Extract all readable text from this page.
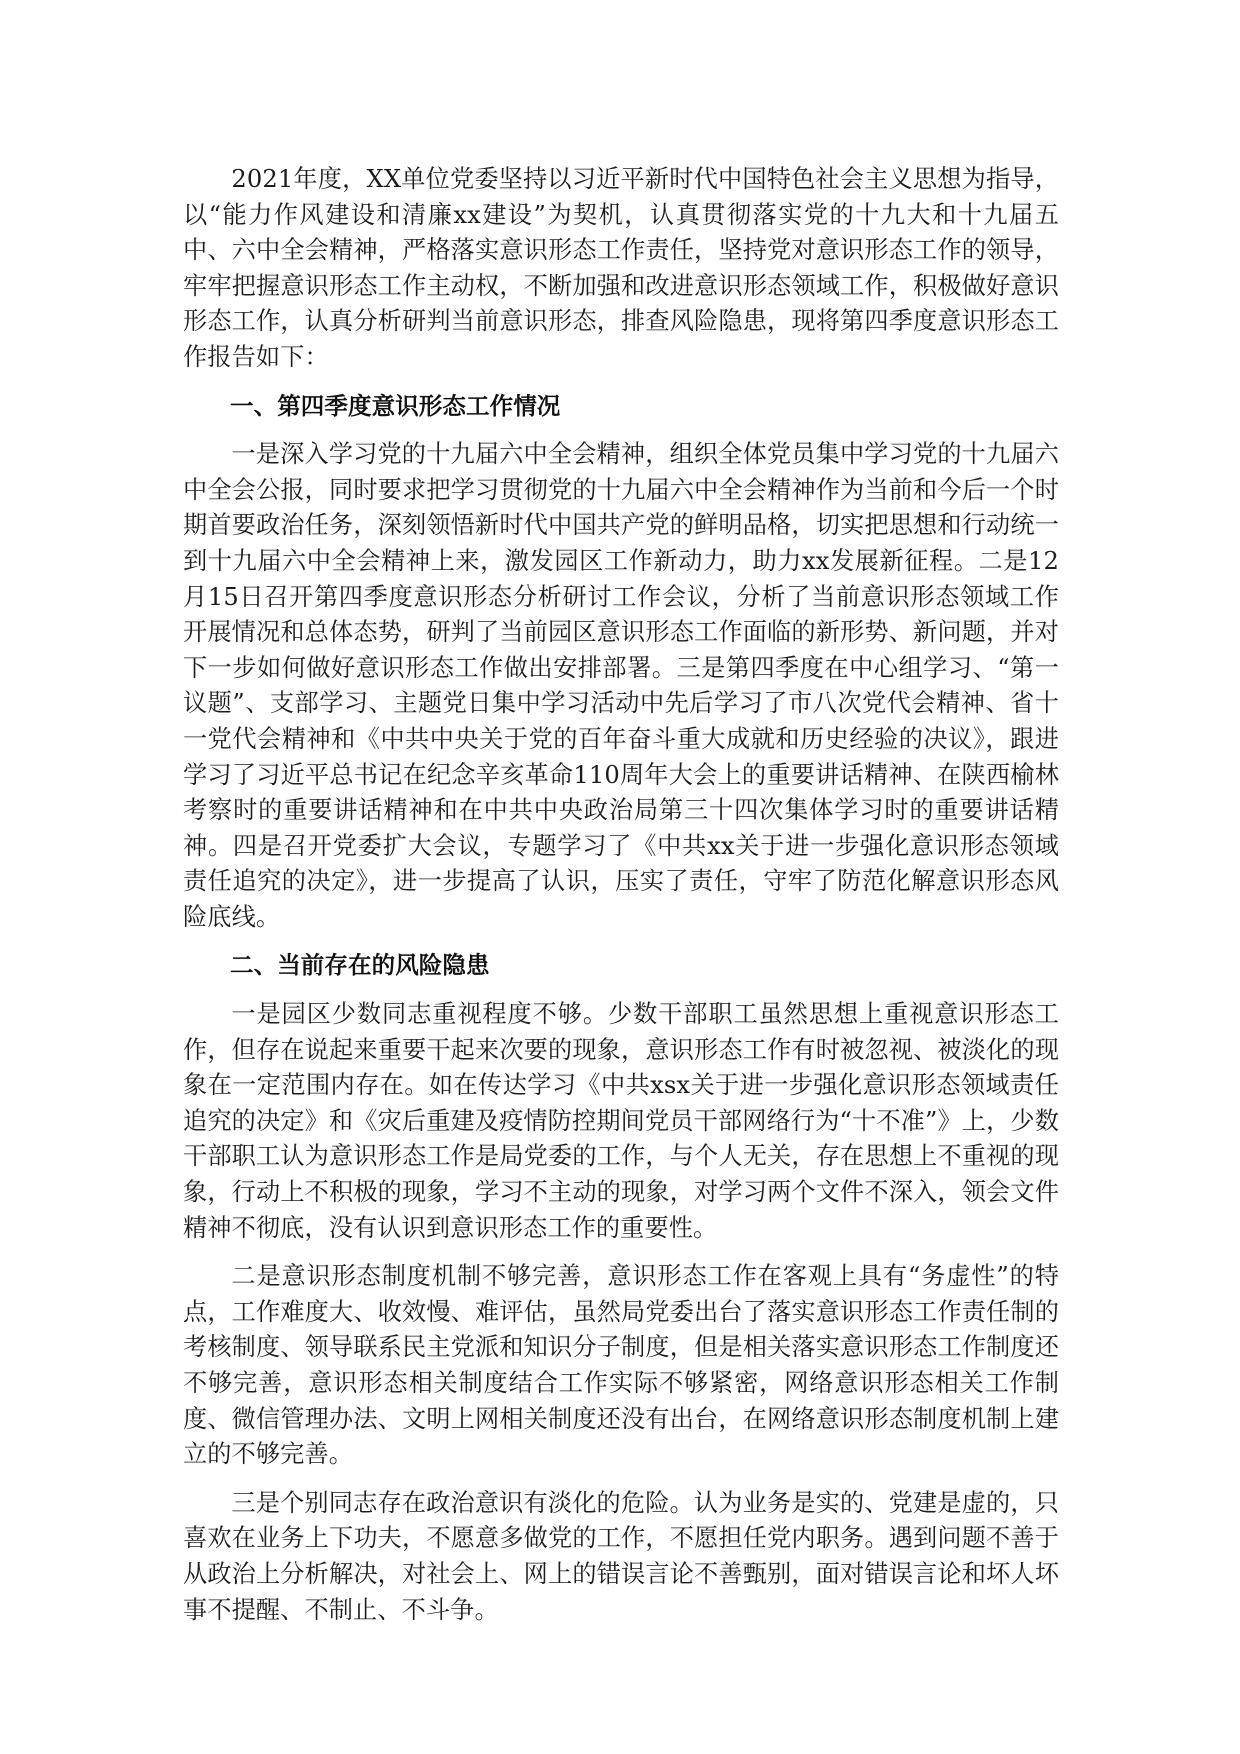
2021年度，XX单位党委坚持以习近平新时代中国特色社会主义思想为指导，以“能力作风建设和清廉xx建设”为契机，认真贯彻落实党的十九大和十九届五中、六中全会精神，严格落实意识形态工作责任，坚持党对意识形态工作的领导，牢牢把握意识形态工作主动权，不断加强和改进意识形态领域工作，积极做好意识形态工作，认真分析研判当前意识形态，排查风险隐患，现将第四季度意识形态工作报告如下：

一、第四季度意识形态工作情况

一是深入学习党的十九届六中全会精神，组织全体党员集中学习党的十九届六中全会公报，同时要求把学习贯彻党的十九届六中全会精神作为当前和今后一个时期首要政治任务，深刻领悟新时代中国共产党的鲜明品格，切实把思想和行动统一到十九届六中全会精神上来，激发园区工作新动力，助力xx发展新征程。二是12月15日召开第四季度意识形态分析研讨工作会议，分析了当前意识形态领域工作开展情况和总体态势，研判了当前园区意识形态工作面临的新形势、新问题，并对下一步如何做好意识形态工作做出安排部署。三是第四季度在中心组学习、“第一议题”、支部学习、主题党日集中学习活动中先后学习了市八次党代会精神、省十一党代会精神和《中共中央关于党的百年奋斗重大成就和历史经验的决议》，跟进学习了习近平总书记在纪念辛亥革命110周年大会上的重要讲话精神、在陕西榆林考察时的重要讲话精神和在中共中央政治局第三十四次集体学习时的重要讲话精神。四是召开党委扩大会议，专题学习了《中共xx关于进一步强化意识形态领域责任追究的决定》，进一步提高了认识，压实了责任，守牢了防范化解意识形态风险底线。

二、当前存在的风险隐患

一是园区少数同志重视程度不够。少数干部职工虽然思想上重视意识形态工作，但存在说起来重要干起来次要的现象，意识形态工作有时被忽视、被淡化的现象在一定范围内存在。如在传达学习《中共xsx关于进一步强化意识形态领域责任追究的决定》和《灾后重建及疫情防控期间党员干部网络行为“十不准”》上，少数干部职工认为意识形态工作是局党委的工作，与个人无关，存在思想上不重视的现象，行动上不积极的现象，学习不主动的现象，对学习两个文件不深入，领会文件精神不彻底，没有认识到意识形态工作的重要性。

二是意识形态制度机制不够完善，意识形态工作在客观上具有“务虚性”的特点，工作难度大、收效慢、难评估，虽然局党委出台了落实意识形态工作责任制的考核制度、领导联系民主党派和知识分子制度，但是相关落实意识形态工作制度还不够完善，意识形态相关制度结合工作实际不够紧密，网络意识形态相关工作制度、微信管理办法、文明上网相关制度还没有出台，在网络意识形态制度机制上建立的不够完善。

三是个别同志存在政治意识有淡化的危险。认为业务是实的、党建是虚的，只喜欢在业务上下功夫，不愿意多做党的工作，不愿担任党内职务。遇到问题不善于从政治上分析解决，对社会上、网上的错误言论不善甄别，面对错误言论和坏人坏事不提醒、不制止、不斗争。
